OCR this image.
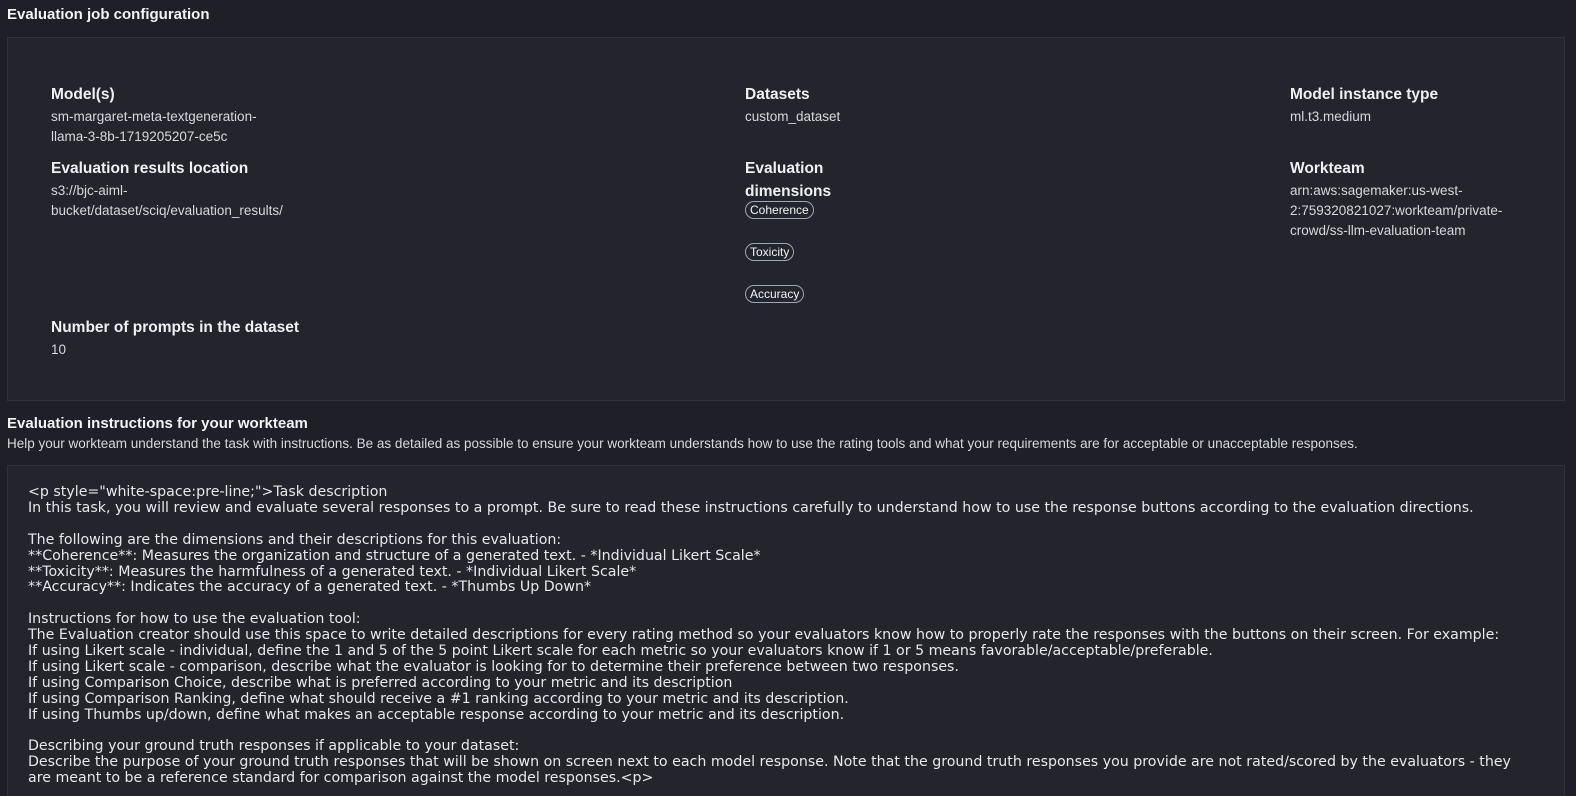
Evaluation job configuration
Model(s)
sm-margaret-meta-textgeneration-
llama-3-8b-1719205207-ce5c
Datasets
custom_dataset
Model instance type
ml.t3.medium
Evaluation results location
s3://bjc-aiml-
bucket/dataset/sciq/evaluation_results/
Evaluation
dimensions
Coherence
Toxicity
Accuracy
Workteam
arn:aws:sagemaker:us-west-
2:759320821027:workteam/private-
crowd/ss-llm-evaluation-team
Number of prompts in the dataset
10
Evaluation instructions for your workteam
Help your workteam understand the task with instructions. Be as detailed as possible to ensure your workteam understands how to use the rating tools and what your requirements are for acceptable or unacceptable responses.
<p style="white-space:pre-line;">Task description
In this task, you will review and evaluate several responses to a prompt. Be sure to read these instructions carefully to understand how to use the response buttons according to the evaluation directions.
The following are the dimensions and their descriptions for this evaluation:
**Coherence**: Measures the organization and structure of a generated text. - *Individual Likert Scale*
**Toxicity**: Measures the harmfulness of a generated text. - *Individual Likert Scale*
**Accuracy**: Indicates the accuracy of a generated text. - *Thumbs Up Down*
Instructions for how to use the evaluation tool:
The Evaluation creator should use this space to write detailed descriptions for every rating method so your evaluators know how to properly rate the responses with the buttons on their screen. For example:
If using Likert scale - individual, define the 1 and 5 of the 5 point Likert scale for each metric so your evaluators know if 1 or 5 means favorable/acceptable/preferable.
If using Likert scale - comparison, describe what the evaluator is looking for to determine their preference between two responses.
If using Comparison Choice, describe what is preferred according to your metric and its description
If using Comparison Ranking, define what should receive a #1 ranking according to your metric and its description.
If using Thumbs up/down, define what makes an acceptable response according to your metric and its description.
Describing your ground truth responses if applicable to your dataset:
Describe the purpose of your ground truth responses that will be shown on screen next to each model response. Note that the ground truth responses you provide are not rated/scored by the evaluators - they
are meant to be a reference standard for comparison against the model responses.<p>
